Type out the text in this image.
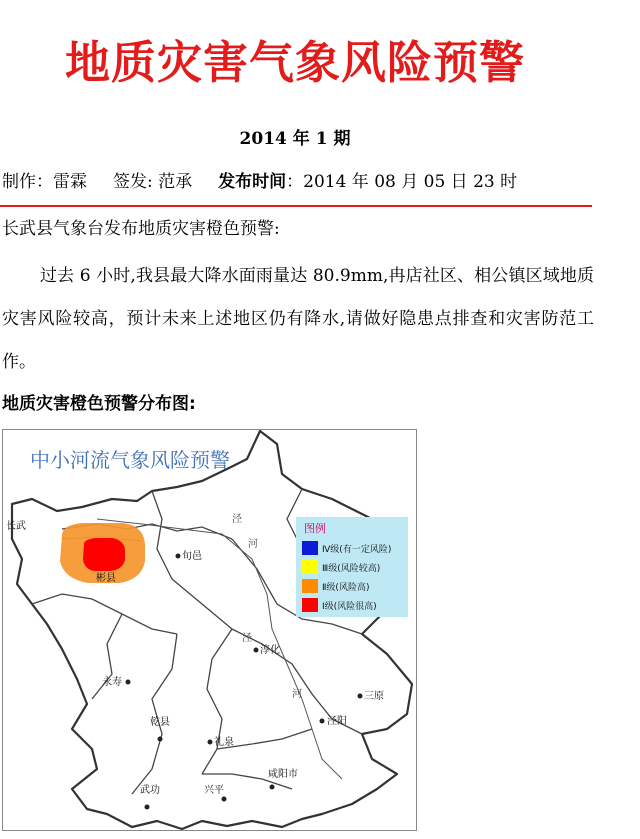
地质灾害气象风险预警
2014 年 1 期
制作：雷霖 签发: 范承 发布时间：2014 年 08 月 05 日 23 时
长武县气象台发布地质灾害橙色预警:
过去 6 小时,我县最大降水面雨量达 80.9mm,冉店社区、相公镇区域地质灾害风险较高，预计未来上述地区仍有降水,请做好隐患点排查和灾害防范工作。
地质灾害橙色预警分布图:
中小河流气象风险预警
长武
彬县
旬邑
淳化
永寿
三原
泾阳
乾县
礼泉
咸阳市
武功	兴平
泾
河
泾
河
图例
Ⅳ级(有一定风险)
Ⅲ级(风险较高)
Ⅱ级(风险高)
Ⅰ级(风险很高)
